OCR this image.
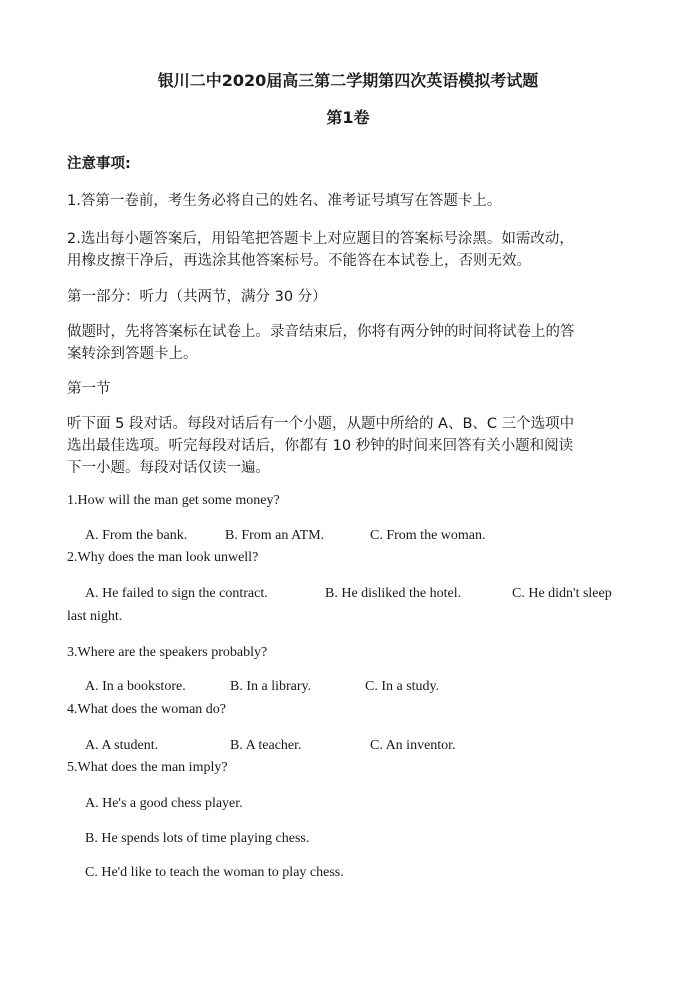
银川二中2020届高三第二学期第四次英语模拟考试题
第1卷
注意事项:
1.答第一卷前，考生务必将自己的姓名、准考证号填写在答题卡上。
2.选出每小题答案后，用铅笔把答题卡上对应题目的答案标号涂黑。如需改动，
用橡皮擦干净后，再选涂其他答案标号。不能答在本试卷上，否则无效。
第一部分：听力（共两节，满分 30 分）
做题时，先将答案标在试卷上。录音结束后，你将有两分钟的时间将试卷上的答
案转涂到答题卡上。
第一节
听下面 5 段对话。每段对话后有一个小题，从题中所给的 A、B、C 三个选项中
选出最佳选项。听完每段对话后，你都有 10 秒钟的时间来回答有关小题和阅读
下一小题。每段对话仅读一遍。
1.How will the man get some money?
A. From the bank.	B. From an ATM.	C. From the woman.
2.Why does the man look unwell?
A. He failed to sign the contract.	B. He disliked the hotel.	C. He didn't sleep
last night.
3.Where are the speakers probably?
A. In a bookstore.	B. In a library.	C. In a study.
4.What does the woman do?
A. A student.	B. A teacher.	C. An inventor.
5.What does the man imply?
A. He's a good chess player.
B. He spends lots of time playing chess.
C. He'd like to teach the woman to play chess.
